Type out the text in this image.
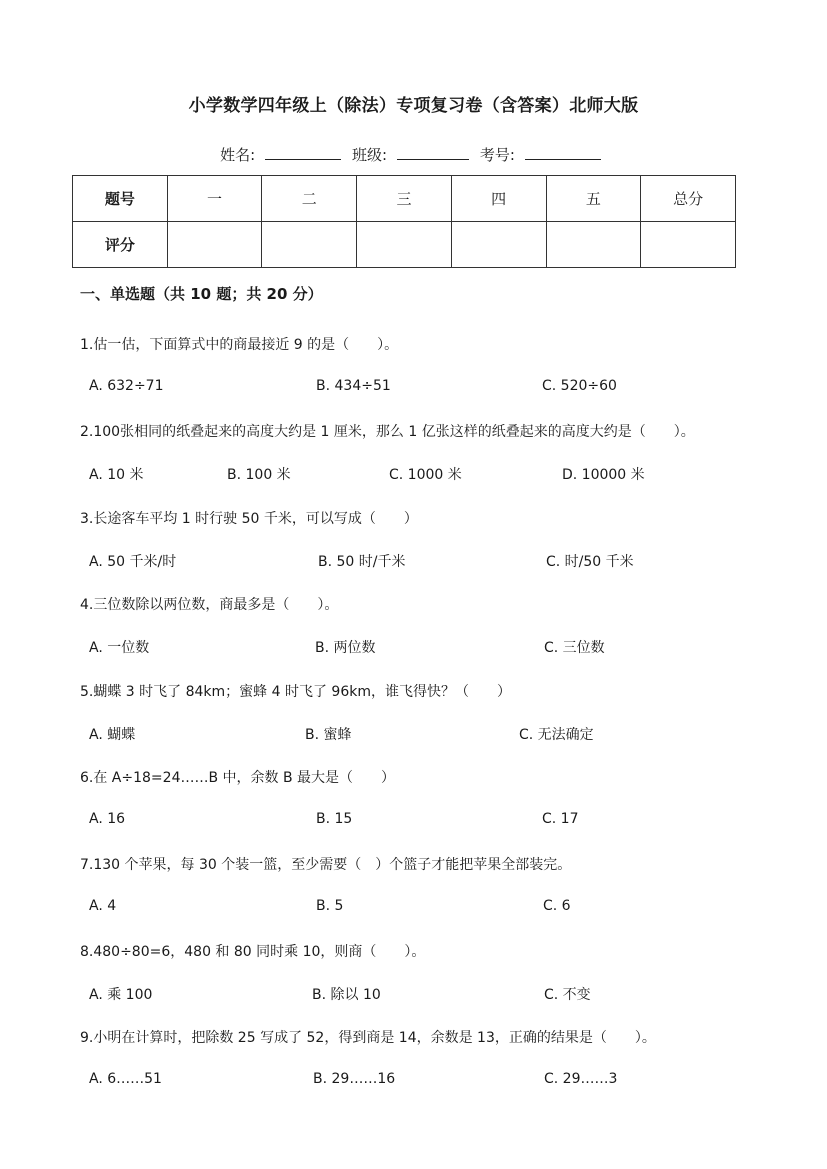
小学数学四年级上（除法）专项复习卷（含答案）北师大版
姓名:	班级:	考号:
题号	一	二	三	四	五	总分
评分						
一、单选题（共 10 题；共 20 分）
1.估一估，下面算式中的商最接近 9 的是（　　）。
A. 632÷71	B. 434÷51	C. 520÷60
2.100张相同的纸叠起来的高度大约是 1 厘米，那么 1 亿张这样的纸叠起来的高度大约是（　　）。
A. 10 米	B. 100 米	C. 1000 米	D. 10000 米
3.长途客车平均 1 时行驶 50 千米，可以写成（　　）
A. 50 千米/时	B. 50 时/千米	C. 时/50 千米
4.三位数除以两位数，商最多是（　　）。
A. 一位数	B. 两位数	C. 三位数
5.蝴蝶 3 时飞了 84km；蜜蜂 4 时飞了 96km，谁飞得快？（　　）
A. 蝴蝶	B. 蜜蜂	C. 无法确定
6.在 A÷18=24……B 中，余数 B 最大是（　　）
A. 16	B. 15	C. 17
7.130 个苹果，每 30 个装一篮，至少需要（　）个篮子才能把苹果全部装完。
A. 4	B. 5	C. 6
8.480÷80=6，480 和 80 同时乘 10，则商（　　）。
A. 乘 100	B. 除以 10	C. 不变
9.小明在计算时，把除数 25 写成了 52，得到商是 14，余数是 13，正确的结果是（　　）。
A. 6……51	B. 29……16	C. 29……3
